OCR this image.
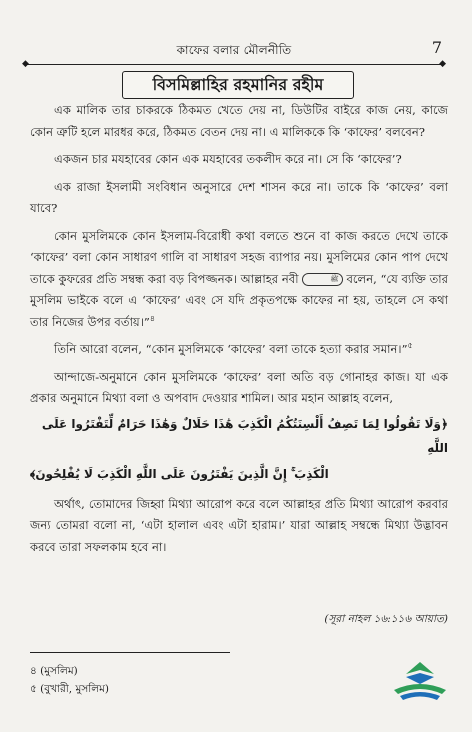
◆
কাফের বলার মৌলনীতি	7
◆
বিসমিল্লাহির রহমানির রহীম

এক মালিক তার চাকরকে ঠিকমত খেতে দেয় না, ডিউটির বাইরে কাজ নেয়, কাজে কোন ত্রুটি হলে মারধর করে, ঠিকমত বেতন দেয় না। এ মালিককে কি ‘কাফের’ বলবেন?

একজন চার মযহাবের কোন এক মযহাবের তকলীদ করে না। সে কি ‘কাফের’?

এক রাজা ইসলামী সংবিধান অনুসারে দেশ শাসন করে না। তাকে কি ‘কাফের’ বলা যাবে?

কোন মুসলিমকে কোন ইসলাম-বিরোধী কথা বলতে শুনে বা কাজ করতে দেখে তাকে ‘কাফের’ বলা কোন সাধারণ গালি বা সাধারণ সহজ ব্যাপার নয়। মুসলিমের কোন পাপ দেখে তাকে কুফরের প্রতি সম্বন্ধ করা বড় বিপজ্জনক। আল্লাহর নবী	ﷺ বলেন, “যে ব্যক্তি তার মুসলিম ভাইকে বলে এ ‘কাফের’ এবং সে যদি প্রকৃতপক্ষে কাফের না হয়, তাহলে সে কথা তার নিজের উপর বর্তায়।”$^৪$

তিনি আরো বলেন, “কোন মুসলিমকে ‘কাফের’ বলা তাকে হত্যা করার সমান।”$^৫$

আন্দাজে-অনুমানে কোন মুসলিমকে ‘কাফের’ বলা অতি বড় গোনাহর কাজ। যা এক প্রকার অনুমানে মিথ্যা বলা ও অপবাদ দেওয়ার শামিল। আর মহান আল্লাহ বলেন,

﴿وَلَا تَقُولُوا لِمَا تَصِفُ أَلْسِنَتُكُمُ الْكَذِبَ هَٰذَا حَلَالٌ وَهَٰذَا حَرَامٌ لِّتَفْتَرُوا عَلَى اللَّهِ
الْكَذِبَ ۚ إِنَّ الَّذِينَ يَفْتَرُونَ عَلَى اللَّهِ الْكَذِبَ لَا يُفْلِحُونَ﴾

অর্থাৎ, তোমাদের জিহ্বা মিথ্যা আরোপ করে বলে আল্লাহর প্রতি মিথ্যা আরোপ করবার জন্য তোমরা বলো না, ‘এটা হালাল এবং এটা হারাম।’ যারা আল্লাহ সম্বন্ধে মিথ্যা উদ্ভাবন করবে তারা সফলকাম হবে না।

(সূরা নাহল ১৬:১১৬ আয়াত)
৪ (মুসলিম)
৫ (বুখারী, মুসলিম)
